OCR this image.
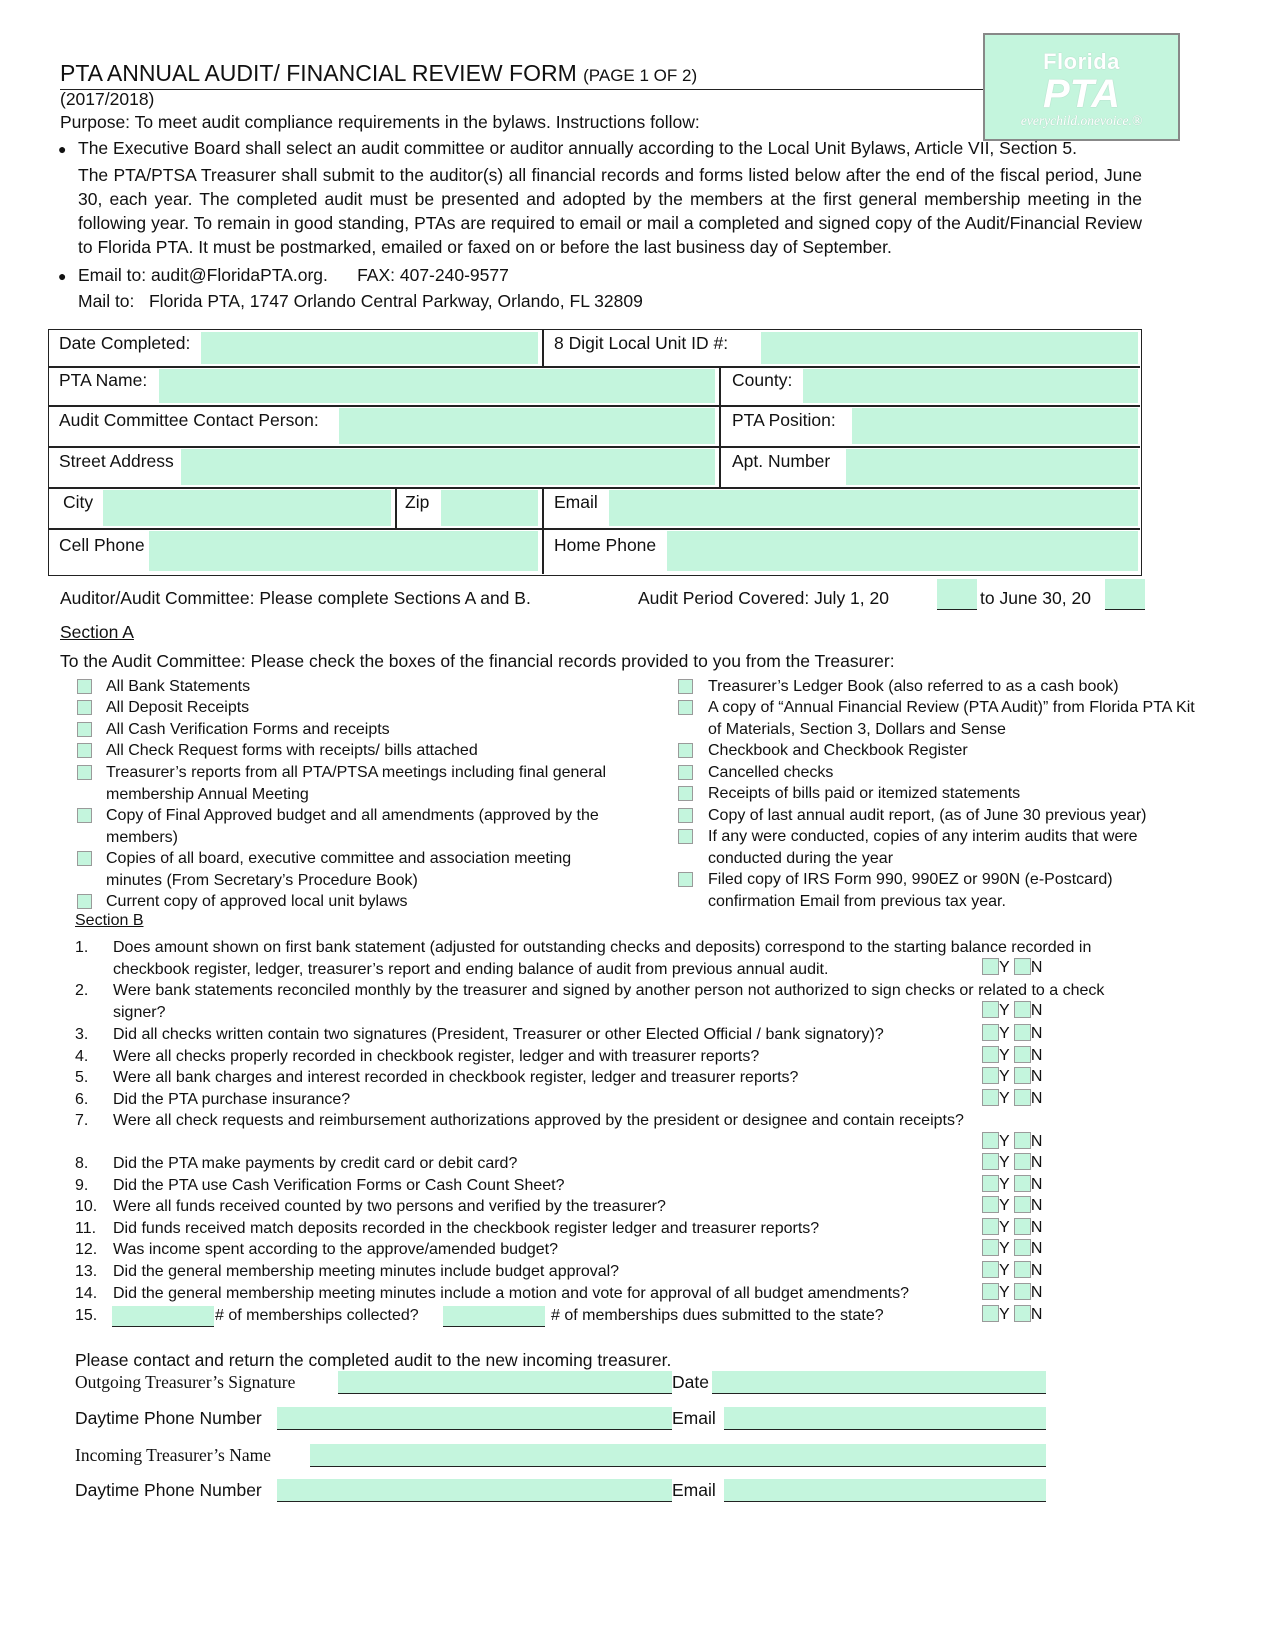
PTA ANNUAL AUDIT/ FINANCIAL REVIEW FORM (PAGE 1 OF 2)
(2017/2018)
Purpose: To meet audit compliance requirements in the bylaws. Instructions follow:
Florida
PTA
everychild.onevoice.®
● The Executive Board shall select an audit committee or auditor annually according to the Local Unit Bylaws, Article VII, Section 5.
The PTA/PTSA Treasurer shall submit to the auditor(s) all financial records and forms listed below after the end of the fiscal period, June 30, each year. The completed audit must be presented and adopted by the members at the first general membership meeting in the following year. To remain in good standing, PTAs are required to email or mail a completed and signed copy of the Audit/Financial Review to Florida PTA. It must be postmarked, emailed or faxed on or before the last business day of September.
● Email to: audit@FloridaPTA.org.      FAX: 407-240-9577
Mail to:   Florida PTA, 1747 Orlando Central Parkway, Orlando, FL 32809
Date Completed:	8 Digit Local Unit ID #:
PTA Name:	County:
Audit Committee Contact Person:	PTA Position:
Street Address	Apt. Number
City	Zip	Email
Cell Phone	Home Phone
Auditor/Audit Committee: Please complete Sections A and B.	Audit Period Covered: July 1, 20	to June 30, 20
Section A
To the Audit Committee: Please check the boxes of the financial records provided to you from the Treasurer:
All Bank Statements
All Deposit Receipts
All Cash Verification Forms and receipts
All Check Request forms with receipts/ bills attached
Treasurer’s reports from all PTA/PTSA meetings including final general membership Annual Meeting
Copy of Final Approved budget and all amendments (approved by the members)
Copies of all board, executive committee and association meeting minutes (From Secretary’s Procedure Book)
Current copy of approved local unit bylaws
Treasurer’s Ledger Book (also referred to as a cash book)
A copy of “Annual Financial Review (PTA Audit)” from Florida PTA Kit of Materials, Section 3, Dollars and Sense
Checkbook and Checkbook Register
Cancelled checks
Receipts of bills paid or itemized statements
Copy of last annual audit report, (as of June 30 previous year)
If any were conducted, copies of any interim audits that were conducted during the year
Filed copy of IRS Form 990, 990EZ or 990N (e-Postcard) confirmation Email from previous tax year.
Section B
1. Does amount shown on first bank statement (adjusted for outstanding checks and deposits) correspond to the starting balance recorded in checkbook register, ledger, treasurer’s report and ending balance of audit from previous annual audit.	Y N
2. Were bank statements reconciled monthly by the treasurer and signed by another person not authorized to sign checks or related to a check signer?	Y N
3. Did all checks written contain two signatures (President, Treasurer or other Elected Official / bank signatory)?	Y N
4. Were all checks properly recorded in checkbook register, ledger and with treasurer reports?	Y N
5. Were all bank charges and interest recorded in checkbook register, ledger and treasurer reports?	Y N
6. Did the PTA purchase insurance?	Y N
7. Were all check requests and reimbursement authorizations approved by the president or designee and contain receipts?
Y N
8. Did the PTA make payments by credit card or debit card?	Y N
9. Did the PTA use Cash Verification Forms or Cash Count Sheet?	Y N
10. Were all funds received counted by two persons and verified by the treasurer?	Y N
11. Did funds received match deposits recorded in the checkbook register ledger and treasurer reports?	Y N
12. Was income spent according to the approve/amended budget?	Y N
13. Did the general membership meeting minutes include budget approval?	Y N
14. Did the general membership meeting minutes include a motion and vote for approval of all budget amendments?	Y N
Y N
15.	# of memberships collected?	# of memberships dues submitted to the state?
Please contact and return the completed audit to the new incoming treasurer.
Outgoing Treasurer’s Signature	Date
Daytime Phone Number	Email
Incoming Treasurer’s Name
Daytime Phone Number	Email
